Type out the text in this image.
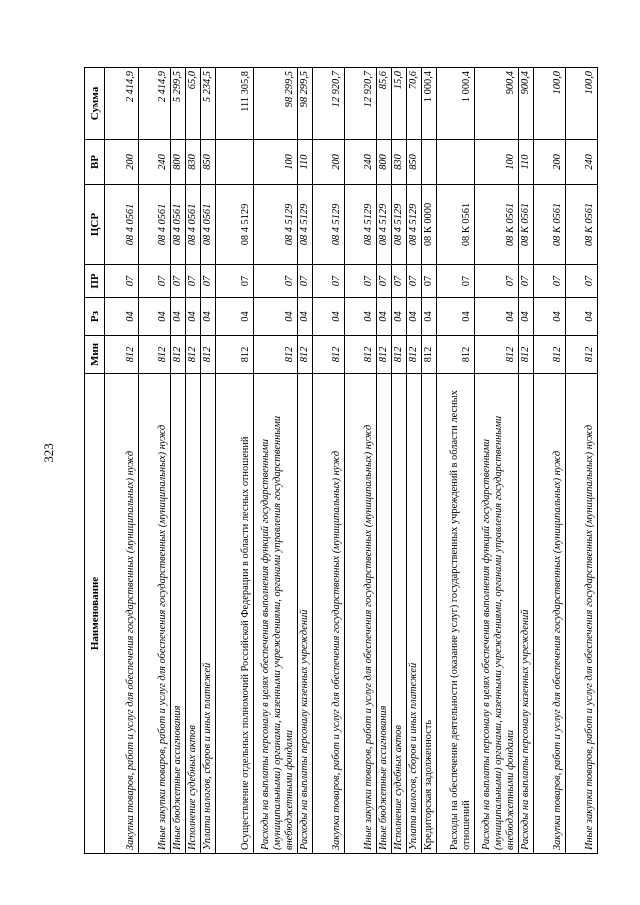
323
Наименование	Мин	Рз	ПР	ЦСР	ВР	Сумма
Закупка товаров, работ и услуг для обеспечения государственных (муниципальных) нужд	812	04	07	08 4 0561	200	2 414,9
Иные закупки товаров, работ и услуг для обеспечения государственных (муниципальных) нужд	812	04	07	08 4 0561	240	2 414,9
Иные бюджетные ассигнования	812	04	07	08 4 0561	800	5 299,5
Исполнение судебных актов	812	04	07	08 4 0561	830	65,0
Уплата налогов, сборов и иных платежей	812	04	07	08 4 0561	850	5 234,5
Осуществление отдельных полномочий Российской Федерации в области лесных отношений	812	04	07	08 4 5129		111 305,8
Расходы на выплаты персоналу в целях обеспечения выполнения функций государственными (муниципальными) органами, казенными учреждениями, органами управления государственными внебюджетными фондами	812	04	07	08 4 5129	100	98 299,5
Расходы на выплаты персоналу казенных учреждений	812	04	07	08 4 5129	110	98 299,5
Закупка товаров, работ и услуг для обеспечения государственных (муниципальных) нужд	812	04	07	08 4 5129	200	12 920,7
Иные закупки товаров, работ и услуг для обеспечения государственных (муниципальных) нужд	812	04	07	08 4 5129	240	12 920,7
Иные бюджетные ассигнования	812	04	07	08 4 5129	800	85,6
Исполнение судебных актов	812	04	07	08 4 5129	830	15,0
Уплата налогов, сборов и иных платежей	812	04	07	08 4 5129	850	70,6
Кредиторская задолженность	812	04	07	08 К 0000		1 000,4
Расходы на обеспечение деятельности (оказание услуг) государственных учреждений в области лесных отношений	812	04	07	08 К 0561		1 000,4
Расходы на выплаты персоналу в целях обеспечения выполнения функций государственными (муниципальными) органами, казенными учреждениями, органами управления государственными внебюджетными фондами	812	04	07	08 К 0561	100	900,4
Расходы на выплаты персоналу казенных учреждений	812	04	07	08 К 0561	110	900,4
Закупка товаров, работ и услуг для обеспечения государственных (муниципальных) нужд	812	04	07	08 К 0561	200	100,0
Иные закупки товаров, работ и услуг для обеспечения государственных (муниципальных) нужд	812	04	07	08 К 0561	240	100,0
